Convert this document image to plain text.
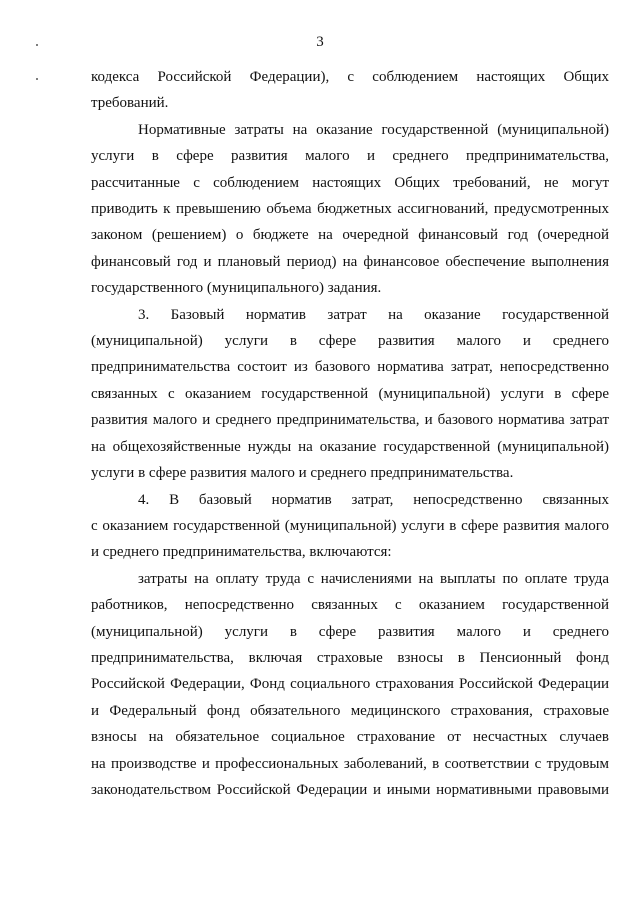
3
кодекса Российской Федерации), с соблюдением настоящих Общих
требований.
Нормативные затраты на оказание государственной (муниципальной)
услуги в сфере развития малого и среднего предпринимательства,
рассчитанные с соблюдением настоящих Общих требований, не могут
приводить к превышению объема бюджетных ассигнований, предусмотренных
законом (решением) о бюджете на очередной финансовый год (очередной
финансовый год и плановый период) на финансовое обеспечение выполнения
государственного (муниципального) задания.
3. Базовый норматив затрат на оказание государственной
(муниципальной) услуги в сфере развития малого и среднего
предпринимательства состоит из базового норматива затрат, непосредственно
связанных с оказанием государственной (муниципальной) услуги в сфере
развития малого и среднего предпринимательства, и базового норматива затрат
на общехозяйственные нужды на оказание государственной (муниципальной)
услуги в сфере развития малого и среднего предпринимательства.
4. В базовый норматив затрат, непосредственно связанных
с оказанием государственной (муниципальной) услуги в сфере развития малого
и среднего предпринимательства, включаются:
затраты на оплату труда с начислениями на выплаты по оплате труда
работников, непосредственно связанных с оказанием государственной
(муниципальной) услуги в сфере развития малого и среднего
предпринимательства, включая страховые взносы в Пенсионный фонд
Российской Федерации, Фонд социального страхования Российской Федерации
и Федеральный фонд обязательного медицинского страхования, страховые
взносы на обязательное социальное страхование от несчастных случаев
на производстве и профессиональных заболеваний, в соответствии с трудовым
законодательством Российской Федерации и иными нормативными правовыми
